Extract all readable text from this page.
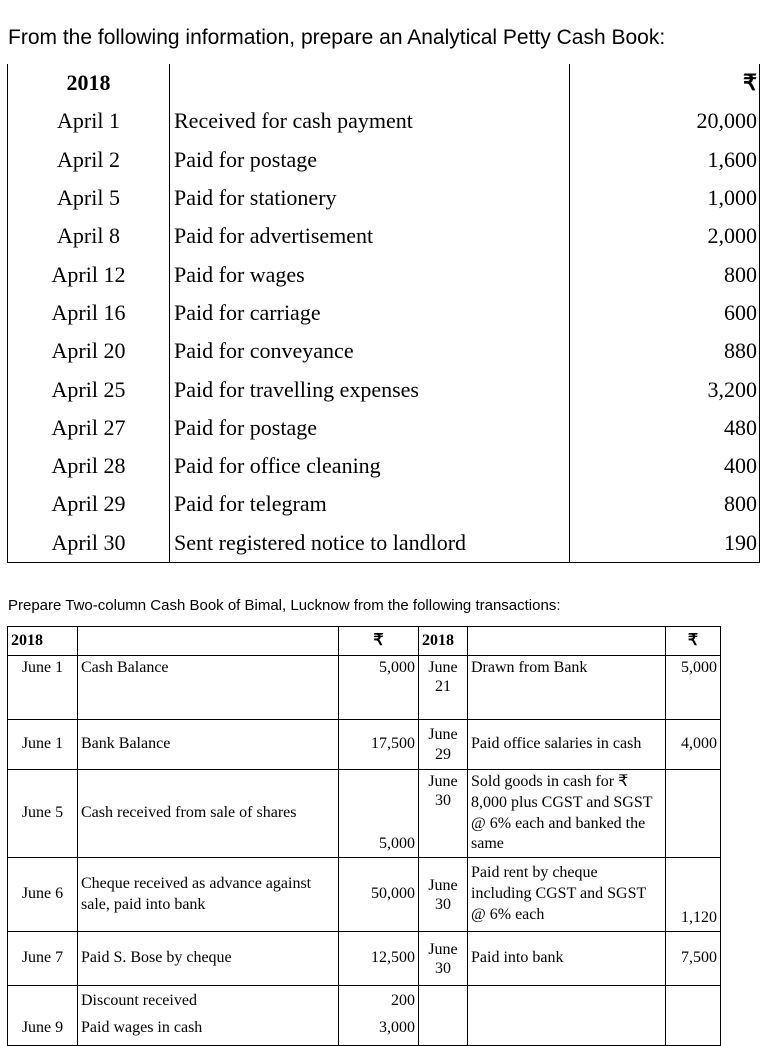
From the following information, prepare an Analytical Petty Cash Book:
2018		₹
April 1	Received for cash payment	20,000
April 2	Paid for postage	1,600
April 5	Paid for stationery	1,000
April 8	Paid for advertisement	2,000
April 12	Paid for wages	800
April 16	Paid for carriage	600
April 20	Paid for conveyance	880
April 25	Paid for travelling expenses	3,200
April 27	Paid for postage	480
April 28	Paid for office cleaning	400
April 29	Paid for telegram	800
April 30	Sent registered notice to landlord	190
Prepare Two-column Cash Book of Bimal, Lucknow from the following transactions:
2018		₹	2018		₹
June 1	Cash Balance	5,000	June 21	Drawn from Bank	5,000
June 1	Bank Balance	17,500	June 29	Paid office salaries in cash	4,000
June 5	Cash received from sale of shares	5,000	June 30	Sold goods in cash for ₹ 8,000 plus CGST and SGST @ 6% each and banked the same	
June 6	Cheque received as advance against sale, paid into bank	50,000	June 30	Paid rent by cheque including CGST and SGST @ 6% each	1,120
June 7	Paid S. Bose by cheque	12,500	June 30	Paid into bank	7,500
	Discount received	200			
June 9	Paid wages in cash	3,000			
